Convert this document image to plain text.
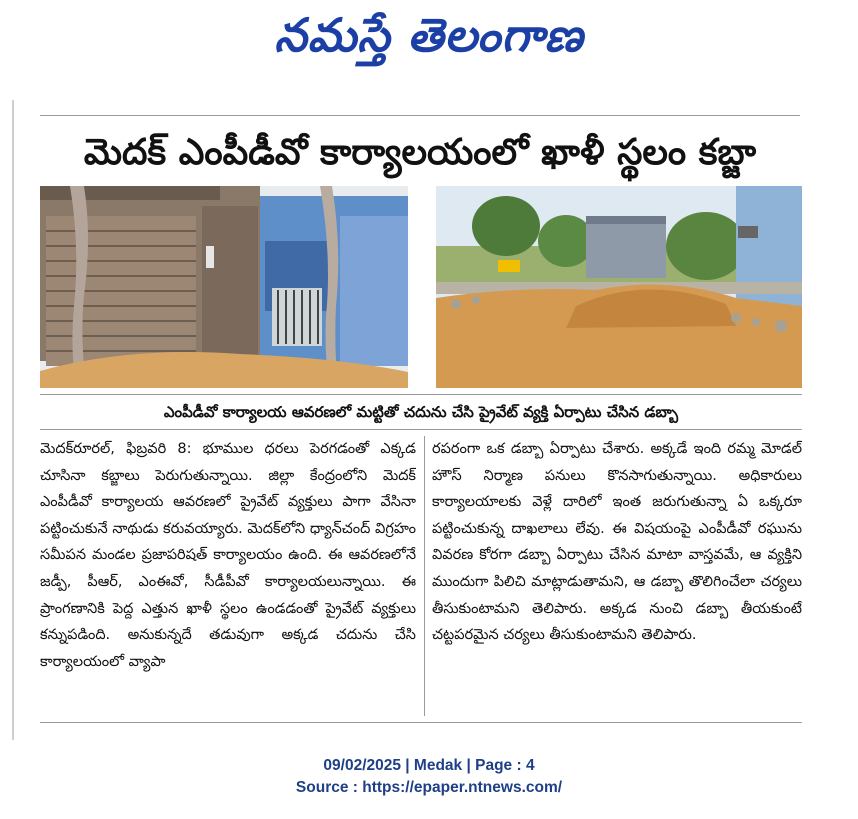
నమస్తే తెలంగాణ
మెదక్ ఎంపీడీవో కార్యాలయంలో ఖాళీ స్థలం కబ్జా
ఎంపీడీవో కార్యాలయ ఆవరణలో మట్టితో చదును చేసి ప్రైవేట్ వ్యక్తి ఏర్పాటు చేసిన డబ్బా
మెదక్‌రూరల్, ఫిబ్రవరి 8: భూముల ధరలు పెరగడంతో ఎక్కడ చూసినా కబ్జాలు పెరుగుతున్నాయి. జిల్లా కేంద్రంలోని మెదక్ ఎంపీడీవో కార్యాలయ ఆవరణలో ప్రైవేట్ వ్యక్తులు పాగా వేసినా పట్టించుకునే నాథుడు కరువయ్యారు. మెదక్‌లోని ధ్యాన్‌చంద్ విగ్రహం సమీపన మండల ప్రజాపరిషత్ కార్యాలయం ఉంది. ఈ ఆవరణలోనే జడ్పీ, పీఆర్, ఎంఈవో, సీడీపీవో కార్యాలయలున్నాయి. ఈ ప్రాంగణానికి పెద్ద ఎత్తున ఖాళీ స్థలం ఉండడంతో ప్రైవేట్ వ్యక్తులు కన్నుపడింది. అనుకున్నదే తడువుగా అక్కడ చదును చేసి కార్యాలయంలో వ్యాపా
రపరంగా ఒక డబ్బా ఏర్పాటు చేశారు. అక్కడే ఇంది రమ్మ మోడల్ హౌస్ నిర్మాణ పనులు కొనసాగుతున్నాయి. అధికారులు కార్యాలయాలకు వెళ్లే దారిలో ఇంత జరుగుతున్నా ఏ ఒక్కరూ పట్టించుకున్న దాఖలాలు లేవు. ఈ విషయంపై ఎంపీడీవో రఘును వివరణ కోరగా డబ్బా ఏర్పాటు చేసిన మాటా వాస్తవమే, ఆ వ్యక్తిని ముందుగా పిలిచి మాట్లాడుతామని, ఆ డబ్బా తొలిగించేలా చర్యలు తీసుకుంటామని తెలిపారు. అక్కడ నుంచి డబ్బా తీయకుంటే చట్టపరమైన చర్యలు తీసుకుంటామని తెలిపారు.
09/02/2025 | Medak | Page : 4
Source : https://epaper.ntnews.com/
